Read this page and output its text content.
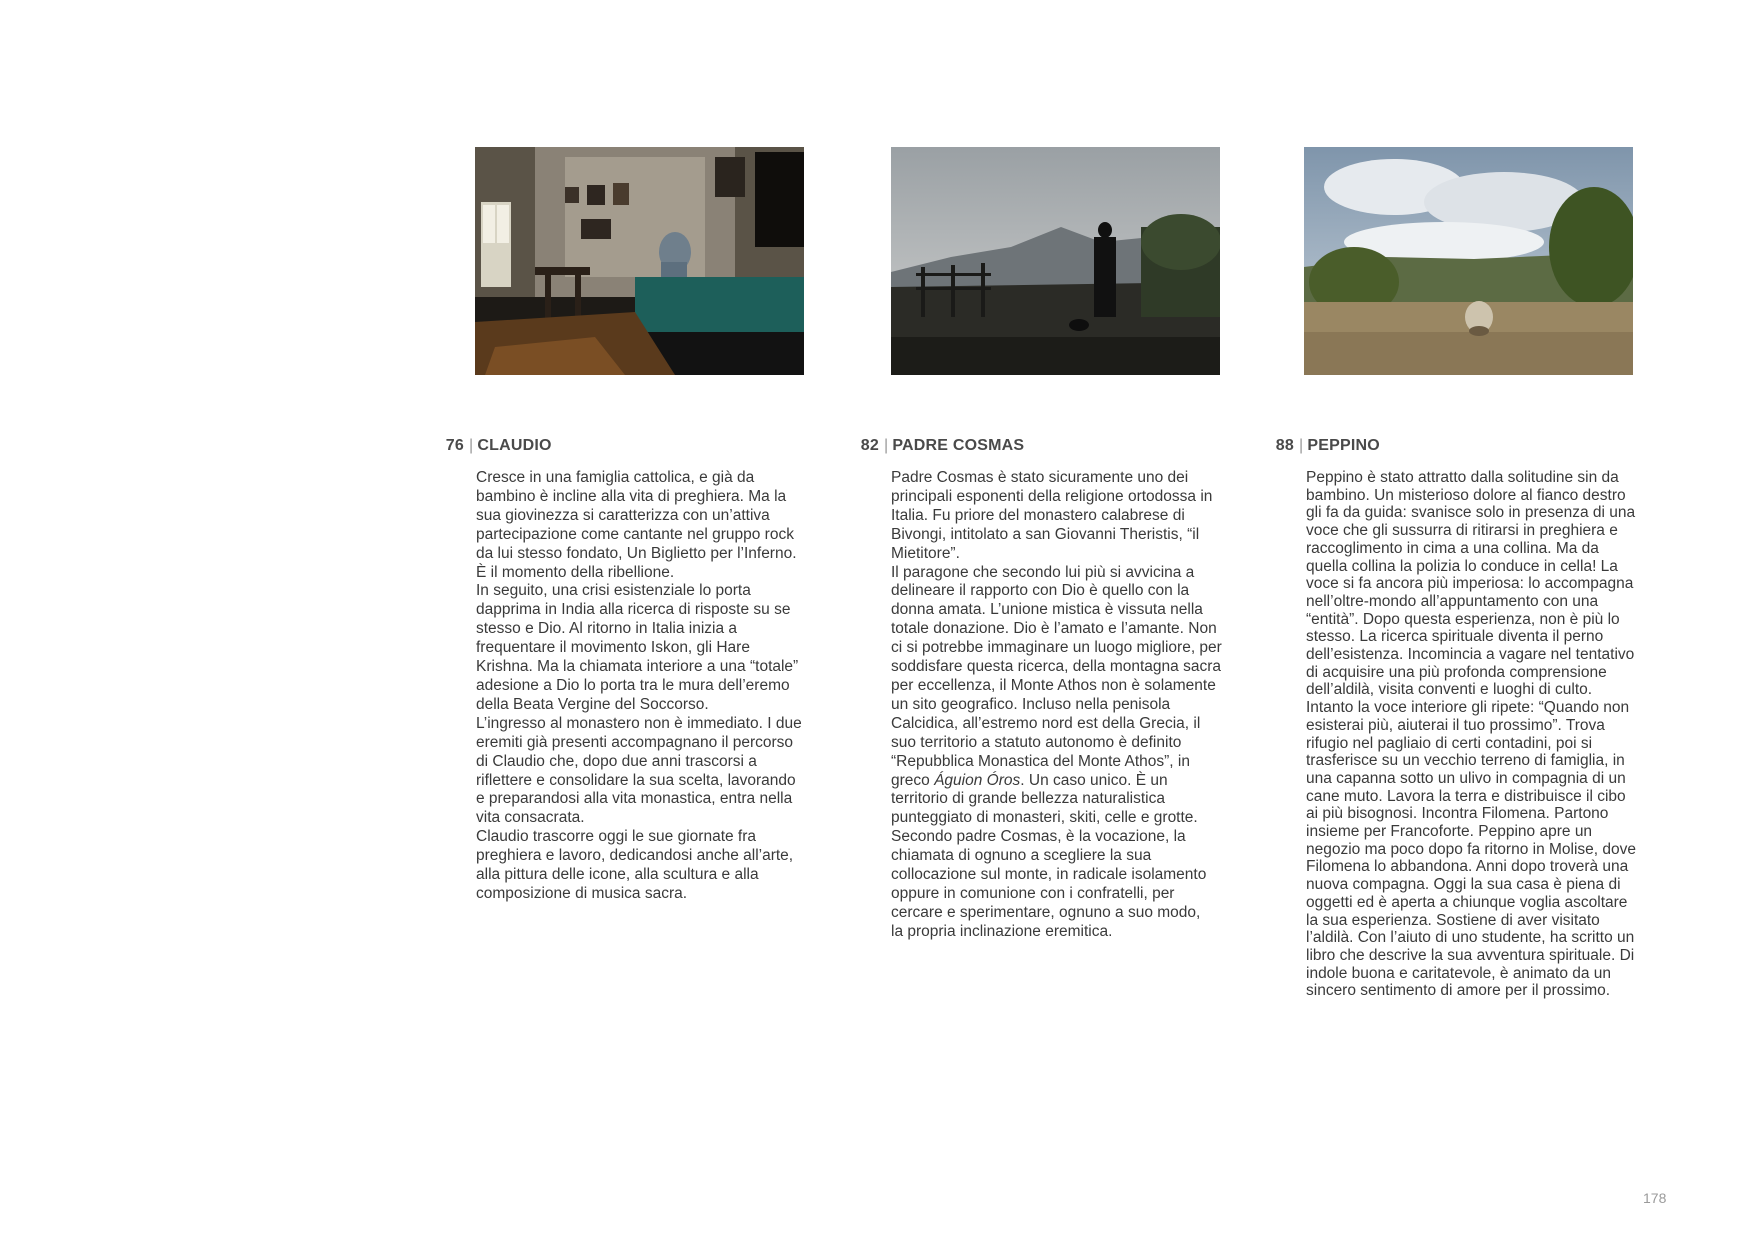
76 | CLAUDIO

Cresce in una famiglia cattolica, e già da bambino è incline alla vita di preghiera. Ma la sua giovinezza si caratterizza con un’attiva partecipazione come cantante nel gruppo rock da lui stesso fondato, Un Biglietto per l’Inferno. È il momento della ribellione.

In seguito, una crisi esistenziale lo porta dapprima in India alla ricerca di risposte su se stesso e Dio. Al ritorno in Italia inizia a frequentare il movimento Iskon, gli Hare Krishna. Ma la chiamata interiore a una “totale” adesione a Dio lo porta tra le mura dell’eremo della Beata Vergine del Soccorso.

L’ingresso al monastero non è immediato. I due eremiti già presenti accompagnano il percorso di Claudio che, dopo due anni trascorsi a riflettere e consolidare la sua scelta, lavorando e preparandosi alla vita monastica, entra nella vita consacrata.

Claudio trascorre oggi le sue giornate fra preghiera e lavoro, dedicandosi anche all’arte, alla pittura delle icone, alla scultura e alla composizione di musica sacra.

82 | PADRE COSMAS

Padre Cosmas è stato sicuramente uno dei principali esponenti della religione ortodossa in Italia. Fu priore del monastero calabrese di Bivongi, intitolato a san Giovanni Theristis, “il Mietitore”.

Il paragone che secondo lui più si avvicina a delineare il rapporto con Dio è quello con la donna amata. L’unione mistica è vissuta nella totale donazione. Dio è l’amato e l’amante. Non ci si potrebbe immaginare un luogo migliore, per soddisfare questa ricerca, della montagna sacra per eccellenza, il Monte Athos non è solamente un sito geografico. Incluso nella penisola Calcidica, all’estremo nord est della Grecia, il suo territorio a statuto autonomo è definito “Repubblica Monastica del Monte Athos”, in greco Águion Óros. Un caso unico. È un territorio di grande bellezza naturalistica punteggiato di monasteri, skiti, celle e grotte. Secondo padre Cosmas, è la vocazione, la chiamata di ognuno a scegliere la sua collocazione sul monte, in radicale isolamento oppure in comunione con i confratelli, per cercare e sperimentare, ognuno a suo modo,

la propria inclinazione eremitica.

88 | PEPPINO

Peppino è stato attratto dalla solitudine sin da bambino. Un misterioso dolore al fianco destro gli fa da guida: svanisce solo in presenza di una voce che gli sussurra di ritirarsi in preghiera e raccoglimento in cima a una collina. Ma da quella collina la polizia lo conduce in cella! La voce si fa ancora più imperiosa: lo accompagna nell’oltre-mondo all’appuntamento con una “entità”. Dopo questa esperienza, non è più lo stesso. La ricerca spirituale diventa il perno dell’esistenza. Incomincia a vagare nel tentativo di acquisire una più profonda comprensione dell’aldilà, visita conventi e luoghi di culto. Intanto la voce interiore gli ripete: “Quando non esisterai più, aiuterai il tuo prossimo”. Trova rifugio nel pagliaio di certi contadini, poi si trasferisce su un vecchio terreno di famiglia, in una capanna sotto un ulivo in compagnia di un cane muto. Lavora la terra e distribuisce il cibo ai più bisognosi. Incontra Filomena. Partono insieme per Francoforte. Peppino apre un negozio ma poco dopo fa ritorno in Molise, dove Filomena lo abbandona. Anni dopo troverà una nuova compagna. Oggi la sua casa è piena di oggetti ed è aperta a chiunque voglia ascoltare la sua esperienza. Sostiene di aver visitato l’aldilà. Con l’aiuto di uno studente, ha scritto un libro che descrive la sua avventura spirituale. Di indole buona e caritatevole, è animato da un sincero sentimento di amore per il prossimo.

178
